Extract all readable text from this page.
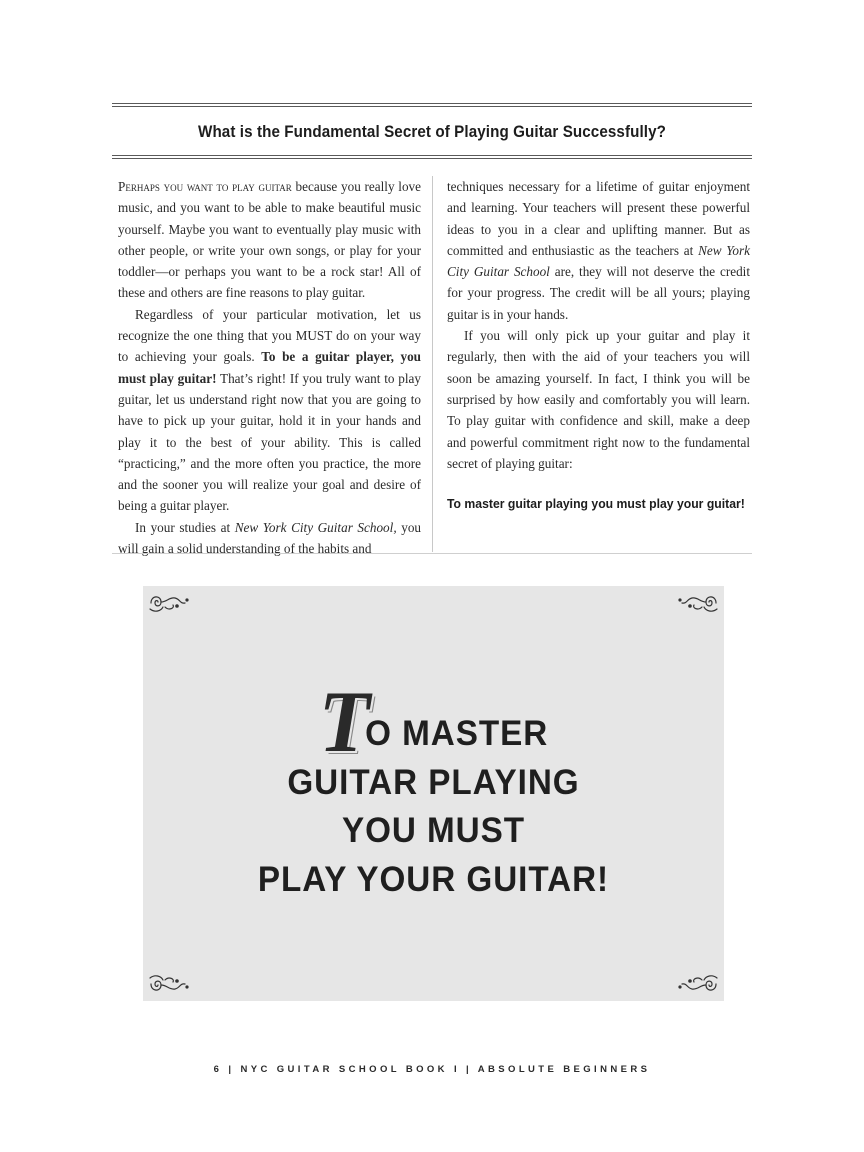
What is the Fundamental Secret of Playing Guitar Successfully?

Perhaps you want to play guitar because you really love music, and you want to be able to make beautiful music yourself. Maybe you want to eventually play music with other people, or write your own songs, or play for your toddler—or perhaps you want to be a rock star! All of these and others are fine reasons to play guitar.

Regardless of your particular motivation, let us recognize the one thing that you MUST do on your way to achieving your goals. To be a guitar player, you must play guitar! That’s right! If you truly want to play guitar, let us understand right now that you are going to have to pick up your guitar, hold it in your hands and play it to the best of your ability. This is called “practicing,” and the more often you practice, the more and the sooner you will realize your goal and desire of being a guitar player.

In your studies at New York City Guitar School, you will gain a solid understanding of the habits and

techniques necessary for a lifetime of guitar enjoyment and learning. Your teachers will present these powerful ideas to you in a clear and uplifting manner. But as committed and enthusiastic as the teachers at New York City Guitar School are, they will not deserve the credit for your progress. The credit will be all yours; playing guitar is in your hands.

If you will only pick up your guitar and play it regularly, then with the aid of your teachers you will soon be amazing yourself. In fact, I think you will be surprised by how easily and comfortably you will learn. To play guitar with confidence and skill, make a deep and powerful commitment right now to the fundamental secret of playing guitar:

To master guitar playing you must play your guitar!
TO MASTER
GUITAR PLAYING
YOU MUST
PLAY YOUR GUITAR!
6 | NYC GUITAR SCHOOL BOOK I | ABSOLUTE BEGINNERS
